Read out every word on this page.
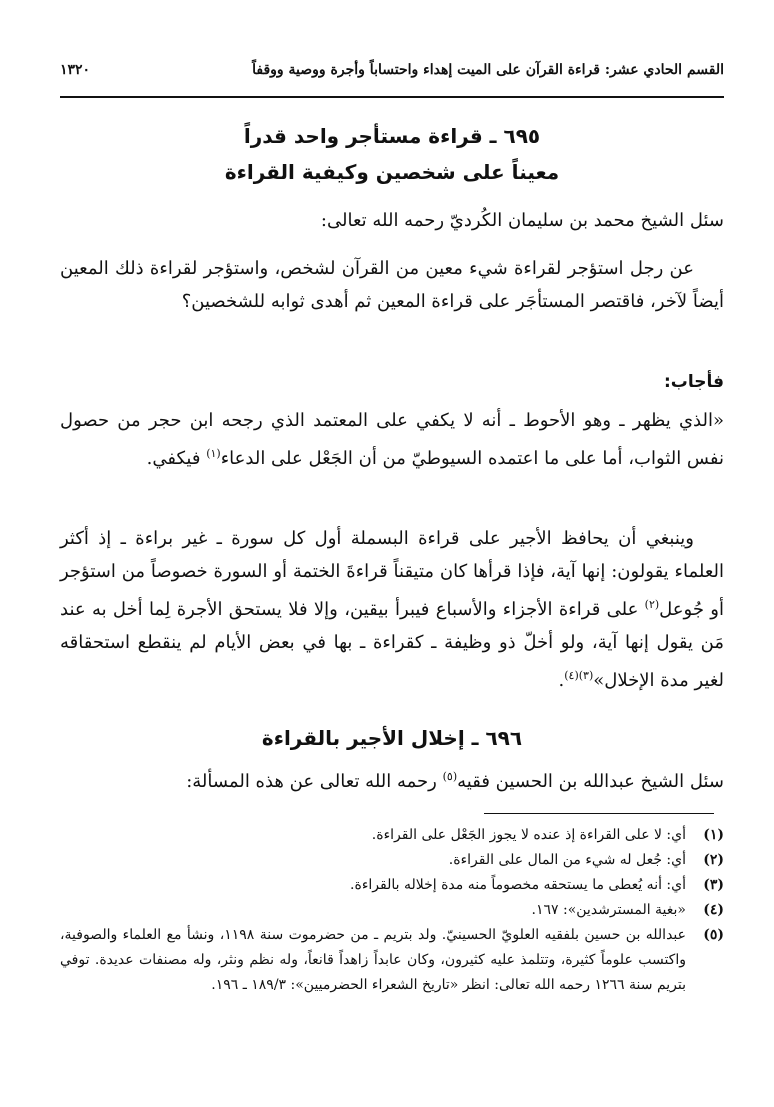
القسم الحادي عشر: قراءة القرآن على الميت إهداء واحتساباً وأجرة ووصية ووقفاً
١٣٢٠
٦٩٥ ـ قراءة مستأجر واحد قدراً
معيناً على شخصين وكيفية القراءة
سئل الشيخ محمد بن سليمان الكُرديّ رحمه الله تعالى:
عن رجل استؤجر لقراءة شيء معين من القرآن لشخص، واستؤجر لقراءة ذلك المعين أيضاً لآخر، فاقتصر المستأجَر على قراءة المعين ثم أهدى ثوابه للشخصين؟
فأجاب:
«الذي يظهر ـ وهو الأحوط ـ أنه لا يكفي على المعتمد الذي رجحه ابن حجر من حصول نفس الثواب، أما على ما اعتمده السيوطيّ من أن الجَعْل على الدعاء$^{(١)}$ فيكفي.
وينبغي أن يحافظ الأجير على قراءة البسملة أول كل سورة ـ غير براءة ـ إذ أكثر العلماء يقولون: إنها آية، فإذا قرأها كان متيقناً قراءةَ الختمة أو السورة خصوصاً من استؤجر أو جُوعل$^{(٢)}$ على قراءة الأجزاء والأسباع فيبرأ بيقين، وإلا فلا يستحق الأجرة لِما أخل به عند مَن يقول إنها آية، ولو أخلّ ذو وظيفة ـ كقراءة ـ بها في بعض الأيام لم ينقطع استحقاقه لغير مدة الإخلال»$^{(٣)(٤)}$.
٦٩٦ ـ إخلال الأجير بالقراءة
سئل الشيخ عبدالله بن الحسين فقيه$^{(٥)}$ رحمه الله تعالى عن هذه المسألة:
(١)
أي: لا على القراءة إذ عنده لا يجوز الجَعْل على القراءة.
(٢)
أي: جُعل له شيء من المال على القراءة.
(٣)
أي: أنه يُعطى ما يستحقه مخصوماً منه مدة إخلاله بالقراءة.
(٤)
«بغية المسترشدين»: ١٦٧.
(٥)
عبدالله بن حسين بلفقيه العلويّ الحسينيّ. ولد بتريم ـ من حضرموت سنة ١١٩٨، ونشأ مع العلماء والصوفية، واكتسب علوماً كثيرة، وتتلمذ عليه كثيرون، وكان عابداً زاهداً قانعاً، وله نظم ونثر، وله مصنفات عديدة. توفي بتريم سنة ١٢٦٦ رحمه الله تعالى: انظر «تاريخ الشعراء الحضرميين»: ١٨٩/٣ ـ ١٩٦.
